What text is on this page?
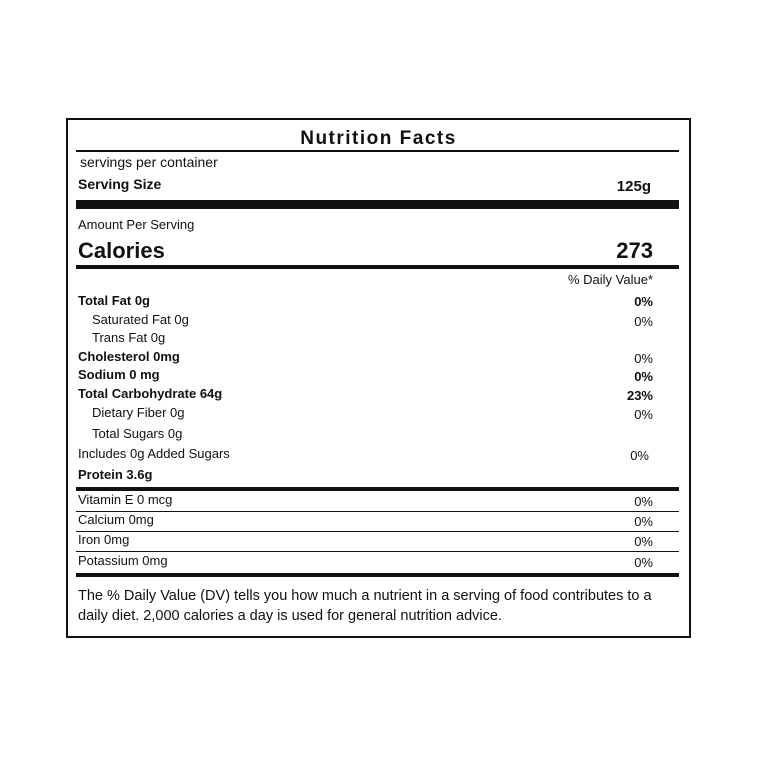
Nutrition Facts
servings per container
Serving Size	125g
Amount Per Serving
Calories	273
% Daily Value*
Total Fat 0g	0%
Saturated Fat 0g	0%
Trans Fat 0g
Cholesterol 0mg	0%
Sodium 0 mg	0%
Total Carbohydrate 64g	23%
Dietary Fiber 0g	0%
Total Sugars 0g
Includes 0g Added Sugars	0%
Protein 3.6g
Vitamin E 0 mcg	0%
Calcium 0mg	0%
Iron 0mg	0%
Potassium 0mg	0%
The % Daily Value (DV) tells you how much a nutrient in a serving of food contributes to a daily diet. 2,000 calories a day is used for general nutrition advice.
